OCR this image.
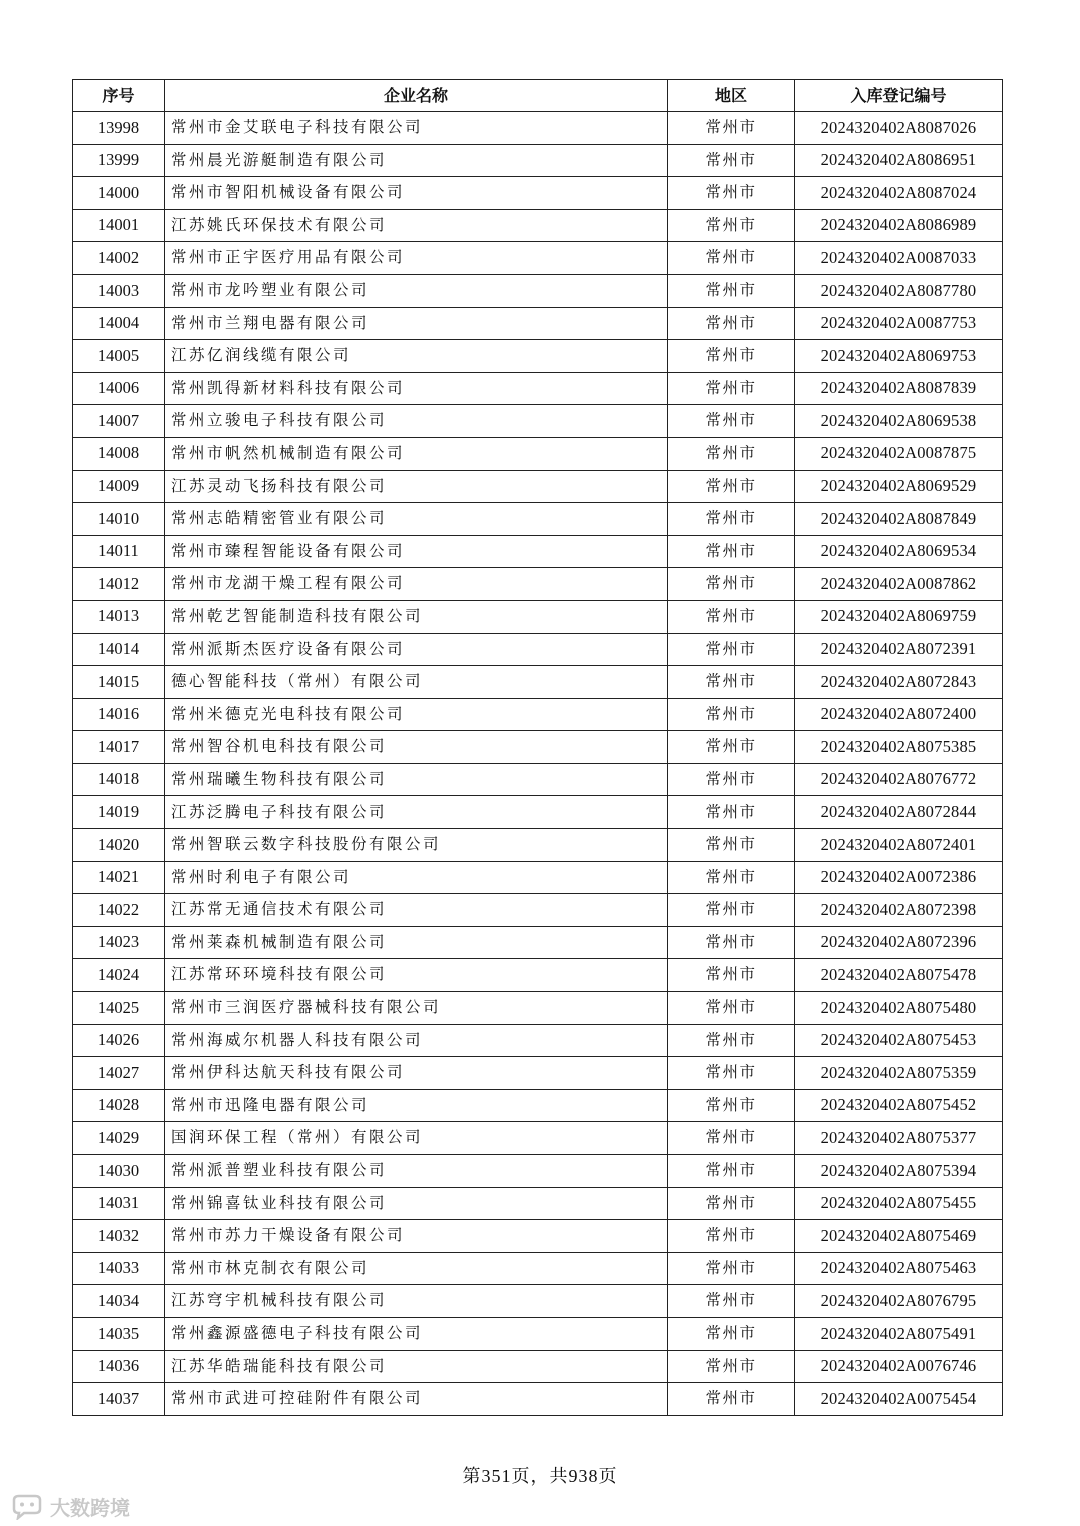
序号	企业名称	地区	入库登记编号
13998	常州市金艾联电子科技有限公司	常州市	2024320402A8087026
13999	常州晨光游艇制造有限公司	常州市	2024320402A8086951
14000	常州市智阳机械设备有限公司	常州市	2024320402A8087024
14001	江苏姚氏环保技术有限公司	常州市	2024320402A8086989
14002	常州市正宇医疗用品有限公司	常州市	2024320402A0087033
14003	常州市龙吟塑业有限公司	常州市	2024320402A8087780
14004	常州市兰翔电器有限公司	常州市	2024320402A0087753
14005	江苏亿润线缆有限公司	常州市	2024320402A8069753
14006	常州凯得新材料科技有限公司	常州市	2024320402A8087839
14007	常州立骏电子科技有限公司	常州市	2024320402A8069538
14008	常州市帆然机械制造有限公司	常州市	2024320402A0087875
14009	江苏灵动飞扬科技有限公司	常州市	2024320402A8069529
14010	常州志皓精密管业有限公司	常州市	2024320402A8087849
14011	常州市臻程智能设备有限公司	常州市	2024320402A8069534
14012	常州市龙湖干燥工程有限公司	常州市	2024320402A0087862
14013	常州乾艺智能制造科技有限公司	常州市	2024320402A8069759
14014	常州派斯杰医疗设备有限公司	常州市	2024320402A8072391
14015	德心智能科技（常州）有限公司	常州市	2024320402A8072843
14016	常州米德克光电科技有限公司	常州市	2024320402A8072400
14017	常州智谷机电科技有限公司	常州市	2024320402A8075385
14018	常州瑞曦生物科技有限公司	常州市	2024320402A8076772
14019	江苏泛腾电子科技有限公司	常州市	2024320402A8072844
14020	常州智联云数字科技股份有限公司	常州市	2024320402A8072401
14021	常州时利电子有限公司	常州市	2024320402A0072386
14022	江苏常无通信技术有限公司	常州市	2024320402A8072398
14023	常州莱森机械制造有限公司	常州市	2024320402A8072396
14024	江苏常环环境科技有限公司	常州市	2024320402A8075478
14025	常州市三润医疗器械科技有限公司	常州市	2024320402A8075480
14026	常州海威尔机器人科技有限公司	常州市	2024320402A8075453
14027	常州伊科达航天科技有限公司	常州市	2024320402A8075359
14028	常州市迅隆电器有限公司	常州市	2024320402A8075452
14029	国润环保工程（常州）有限公司	常州市	2024320402A8075377
14030	常州派普塑业科技有限公司	常州市	2024320402A8075394
14031	常州锦喜钛业科技有限公司	常州市	2024320402A8075455
14032	常州市苏力干燥设备有限公司	常州市	2024320402A8075469
14033	常州市林克制衣有限公司	常州市	2024320402A8075463
14034	江苏穹宇机械科技有限公司	常州市	2024320402A8076795
14035	常州鑫源盛德电子科技有限公司	常州市	2024320402A8075491
14036	江苏华皓瑞能科技有限公司	常州市	2024320402A0076746
14037	常州市武进可控硅附件有限公司	常州市	2024320402A0075454
第351页，共938页
大数跨境
